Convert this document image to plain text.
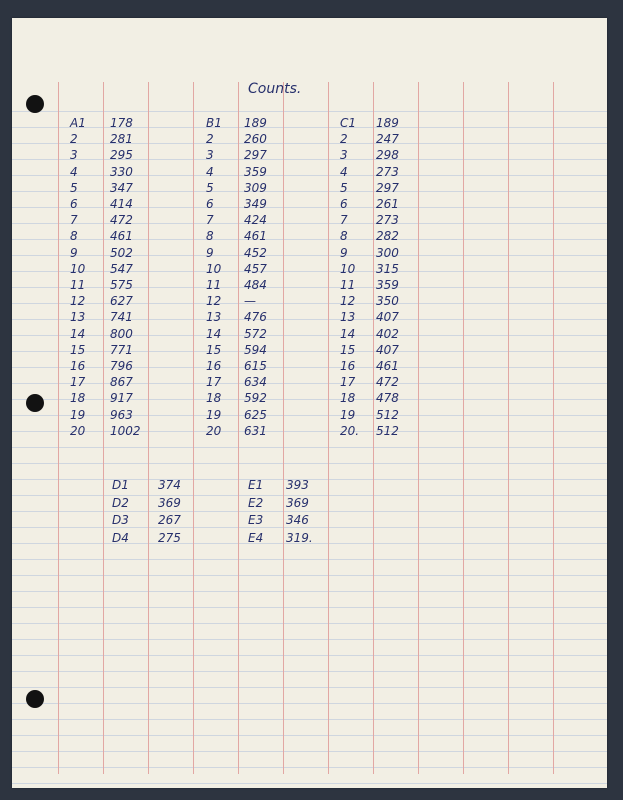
Counts.
A1 178
2	281
3	295
4	330
5	347
6	414
7	472
8	461
9	502
10 547
11 575
12 627
13 741
14 800
15 771
16 796
17 867
18 917
19 963
20 1002
B1 189
2	260
3	297
4	359
5	309
6	349
7	424
8	461
9	452
10 457
11 484
12 —
13 476
14 572
15 594
16 615
17 634
18 592
19 625
20 631
C1 189
2 247
3 298
4 273
5 297
6 261
7 273
8 282
9 300
10 315
11 359
12 350
13 407
14 402
15 407
16 461
17 472
18 478
19 512
20. 512
D1 374
D2 369
D3 267
D4 275
E1 393
E2 369
E3 346
E4 319.
